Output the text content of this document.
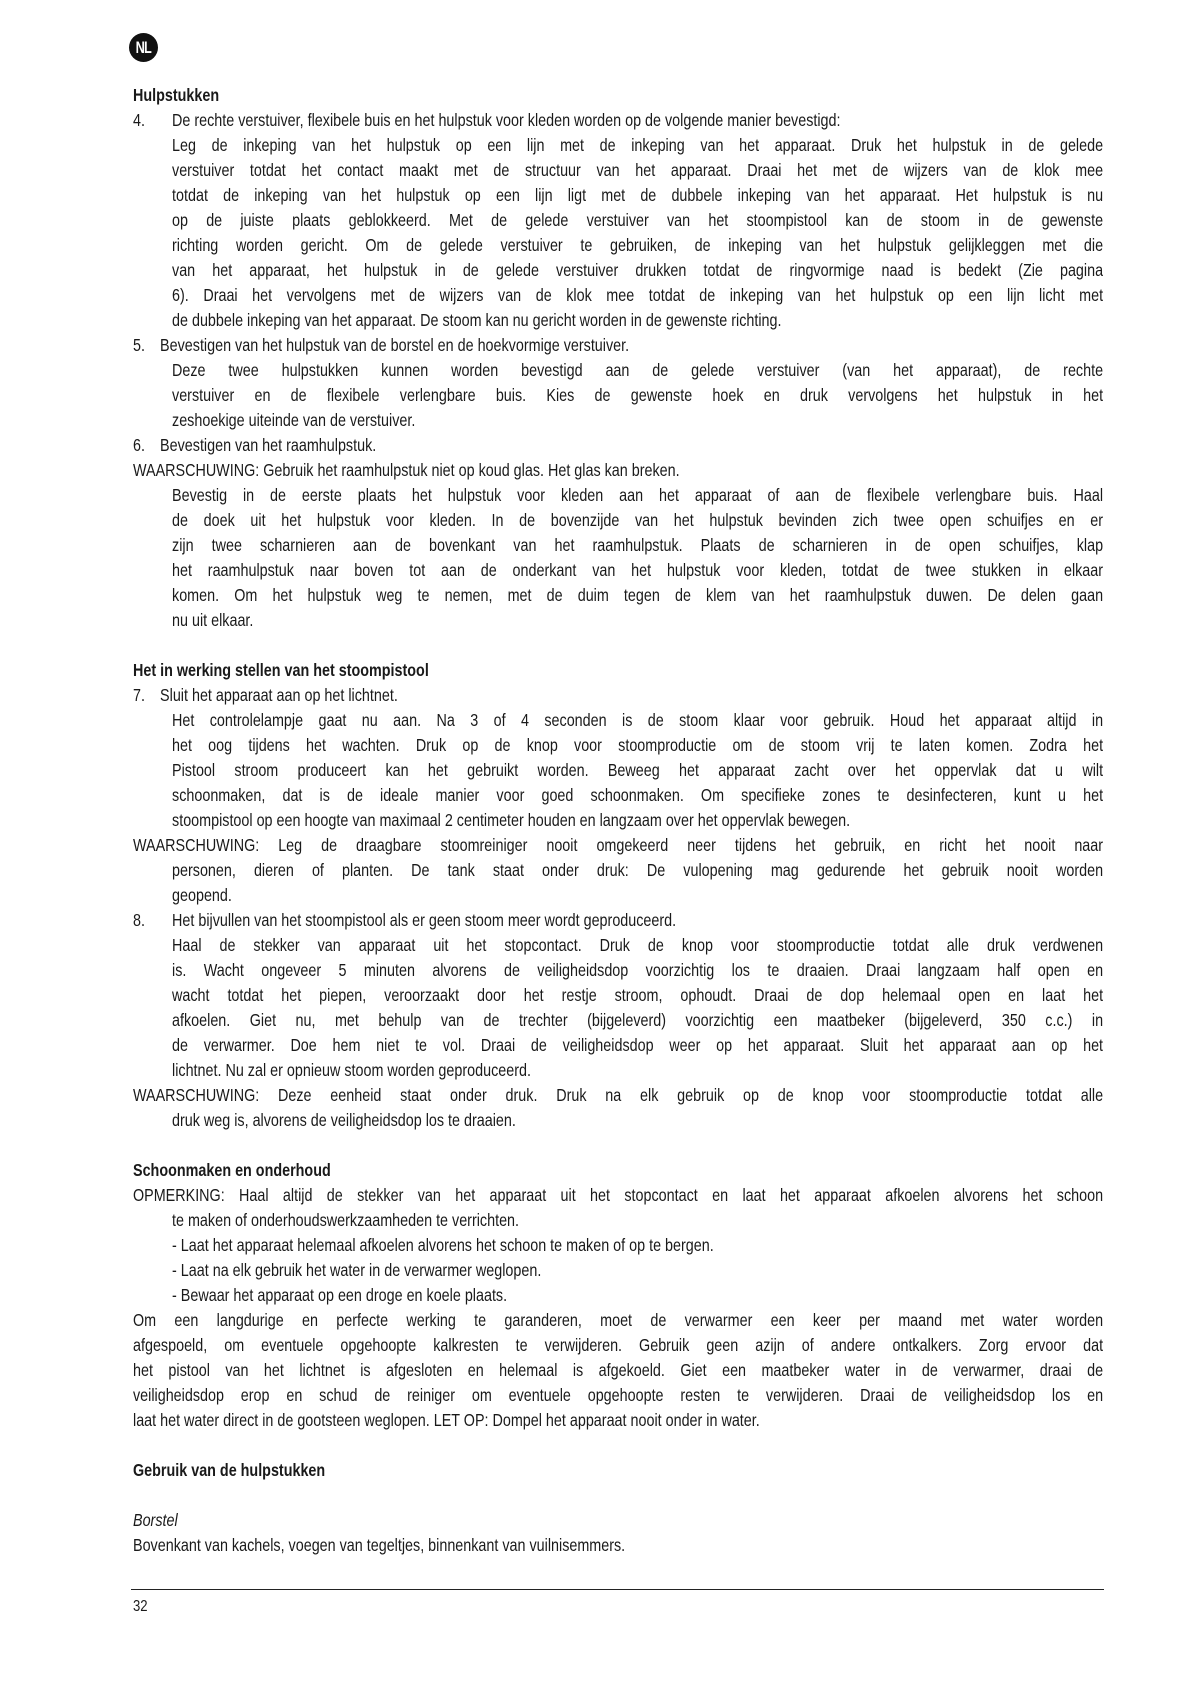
NL
Hulpstukken
4. De rechte verstuiver, flexibele buis en het hulpstuk voor kleden worden op de volgende manier bevestigd:
Leg de inkeping van het hulpstuk op een lijn met de inkeping van het apparaat. Druk het hulpstuk in de gelede
verstuiver totdat het contact maakt met de structuur van het apparaat. Draai het met de wijzers van de klok mee
totdat de inkeping van het hulpstuk op een lijn ligt met de dubbele inkeping van het apparaat. Het hulpstuk is nu
op de juiste plaats geblokkeerd. Met de gelede verstuiver van het stoompistool kan de stoom in de gewenste
richting worden gericht. Om de gelede verstuiver te gebruiken, de inkeping van het hulpstuk gelijkleggen met die
van het apparaat, het hulpstuk in de gelede verstuiver drukken totdat de ringvormige naad is bedekt (Zie pagina
6). Draai het vervolgens met de wijzers van de klok mee totdat de inkeping van het hulpstuk op een lijn licht met
de dubbele inkeping van het apparaat. De stoom kan nu gericht worden in de gewenste richting.
5. Bevestigen van het hulpstuk van de borstel en de hoekvormige verstuiver.
Deze twee hulpstukken kunnen worden bevestigd aan de gelede verstuiver (van het apparaat), de rechte
verstuiver en de flexibele verlengbare buis. Kies de gewenste hoek en druk vervolgens het hulpstuk in het
zeshoekige uiteinde van de verstuiver.
6. Bevestigen van het raamhulpstuk.
WAARSCHUWING: Gebruik het raamhulpstuk niet op koud glas. Het glas kan breken.
Bevestig in de eerste plaats het hulpstuk voor kleden aan het apparaat of aan de flexibele verlengbare buis. Haal
de doek uit het hulpstuk voor kleden. In de bovenzijde van het hulpstuk bevinden zich twee open schuifjes en er
zijn twee scharnieren aan de bovenkant van het raamhulpstuk. Plaats de scharnieren in de open schuifjes, klap
het raamhulpstuk naar boven tot aan de onderkant van het hulpstuk voor kleden, totdat de twee stukken in elkaar
komen. Om het hulpstuk weg te nemen, met de duim tegen de klem van het raamhulpstuk duwen. De delen gaan
nu uit elkaar.
Het in werking stellen van het stoompistool
7. Sluit het apparaat aan op het lichtnet.
Het controlelampje gaat nu aan. Na 3 of 4 seconden is de stoom klaar voor gebruik. Houd het apparaat altijd in
het oog tijdens het wachten. Druk op de knop voor stoomproductie om de stoom vrij te laten komen. Zodra het
Pistool stroom produceert kan het gebruikt worden. Beweeg het apparaat zacht over het oppervlak dat u wilt
schoonmaken, dat is de ideale manier voor goed schoonmaken. Om specifieke zones te desinfecteren, kunt u het
stoompistool op een hoogte van maximaal 2 centimeter houden en langzaam over het oppervlak bewegen.
WAARSCHUWING: Leg de draagbare stoomreiniger nooit omgekeerd neer tijdens het gebruik, en richt het nooit naar
personen, dieren of planten. De tank staat onder druk: De vulopening mag gedurende het gebruik nooit worden
geopend.
8. Het bijvullen van het stoompistool als er geen stoom meer wordt geproduceerd.
Haal de stekker van apparaat uit het stopcontact. Druk de knop voor stoomproductie totdat alle druk verdwenen
is. Wacht ongeveer 5 minuten alvorens de veiligheidsdop voorzichtig los te draaien. Draai langzaam half open en
wacht totdat het piepen, veroorzaakt door het restje stroom, ophoudt. Draai de dop helemaal open en laat het
afkoelen. Giet nu, met behulp van de trechter (bijgeleverd) voorzichtig een maatbeker (bijgeleverd, 350 c.c.) in
de verwarmer. Doe hem niet te vol. Draai de veiligheidsdop weer op het apparaat. Sluit het apparaat aan op het
lichtnet. Nu zal er opnieuw stoom worden geproduceerd.
WAARSCHUWING: Deze eenheid staat onder druk. Druk na elk gebruik op de knop voor stoomproductie totdat alle
druk weg is, alvorens de veiligheidsdop los te draaien.
Schoonmaken en onderhoud
OPMERKING: Haal altijd de stekker van het apparaat uit het stopcontact en laat het apparaat afkoelen alvorens het schoon
te maken of onderhoudswerkzaamheden te verrichten.
- Laat het apparaat helemaal afkoelen alvorens het schoon te maken of op te bergen.
- Laat na elk gebruik het water in de verwarmer weglopen.
- Bewaar het apparaat op een droge en koele plaats.
Om een langdurige en perfecte werking te garanderen, moet de verwarmer een keer per maand met water worden
afgespoeld, om eventuele opgehoopte kalkresten te verwijderen. Gebruik geen azijn of andere ontkalkers. Zorg ervoor dat
het pistool van het lichtnet is afgesloten en helemaal is afgekoeld. Giet een maatbeker water in de verwarmer, draai de
veiligheidsdop erop en schud de reiniger om eventuele opgehoopte resten te verwijderen. Draai de veiligheidsdop los en
laat het water direct in de gootsteen weglopen. LET OP: Dompel het apparaat nooit onder in water.
Gebruik van de hulpstukken
Borstel
Bovenkant van kachels, voegen van tegeltjes, binnenkant van vuilnisemmers.
32
